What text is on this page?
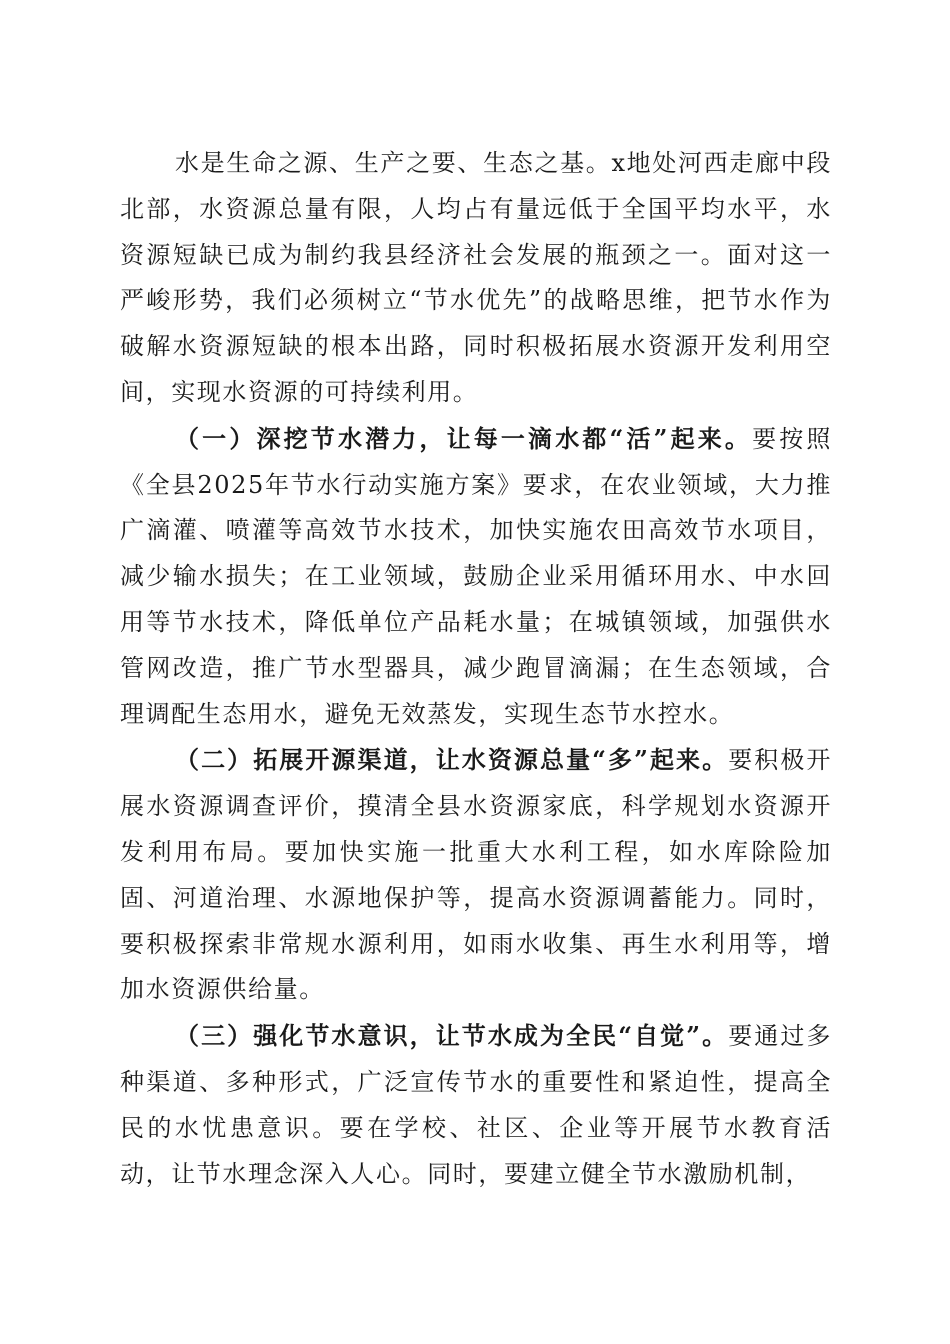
水是生命之源、生产之要、生态之基。x地处河西走廊中段北部，水资源总量有限，人均占有量远低于全国平均水平，水资源短缺已成为制约我县经济社会发展的瓶颈之一。面对这一严峻形势，我们必须树立“节水优先”的战略思维，把节水作为破解水资源短缺的根本出路，同时积极拓展水资源开发利用空间，实现水资源的可持续利用。

（一）深挖节水潜力，让每一滴水都“活”起来。要按照《全县2025年节水行动实施方案》要求，在农业领域，大力推广滴灌、喷灌等高效节水技术，加快实施农田高效节水项目，减少输水损失；在工业领域，鼓励企业采用循环用水、中水回用等节水技术，降低单位产品耗水量；在城镇领域，加强供水管网改造，推广节水型器具，减少跑冒滴漏；在生态领域，合理调配生态用水，避免无效蒸发，实现生态节水控水。

（二）拓展开源渠道，让水资源总量“多”起来。要积极开展水资源调查评价，摸清全县水资源家底，科学规划水资源开发利用布局。要加快实施一批重大水利工程，如水库除险加固、河道治理、水源地保护等，提高水资源调蓄能力。同时，要积极探索非常规水源利用，如雨水收集、再生水利用等，增加水资源供给量。

（三）强化节水意识，让节水成为全民“自觉”。要通过多种渠道、多种形式，广泛宣传节水的重要性和紧迫性，提高全民的水忧患意识。要在学校、社区、企业等开展节水教育活动，让节水理念深入人心。同时，要建立健全节水激励机制，
